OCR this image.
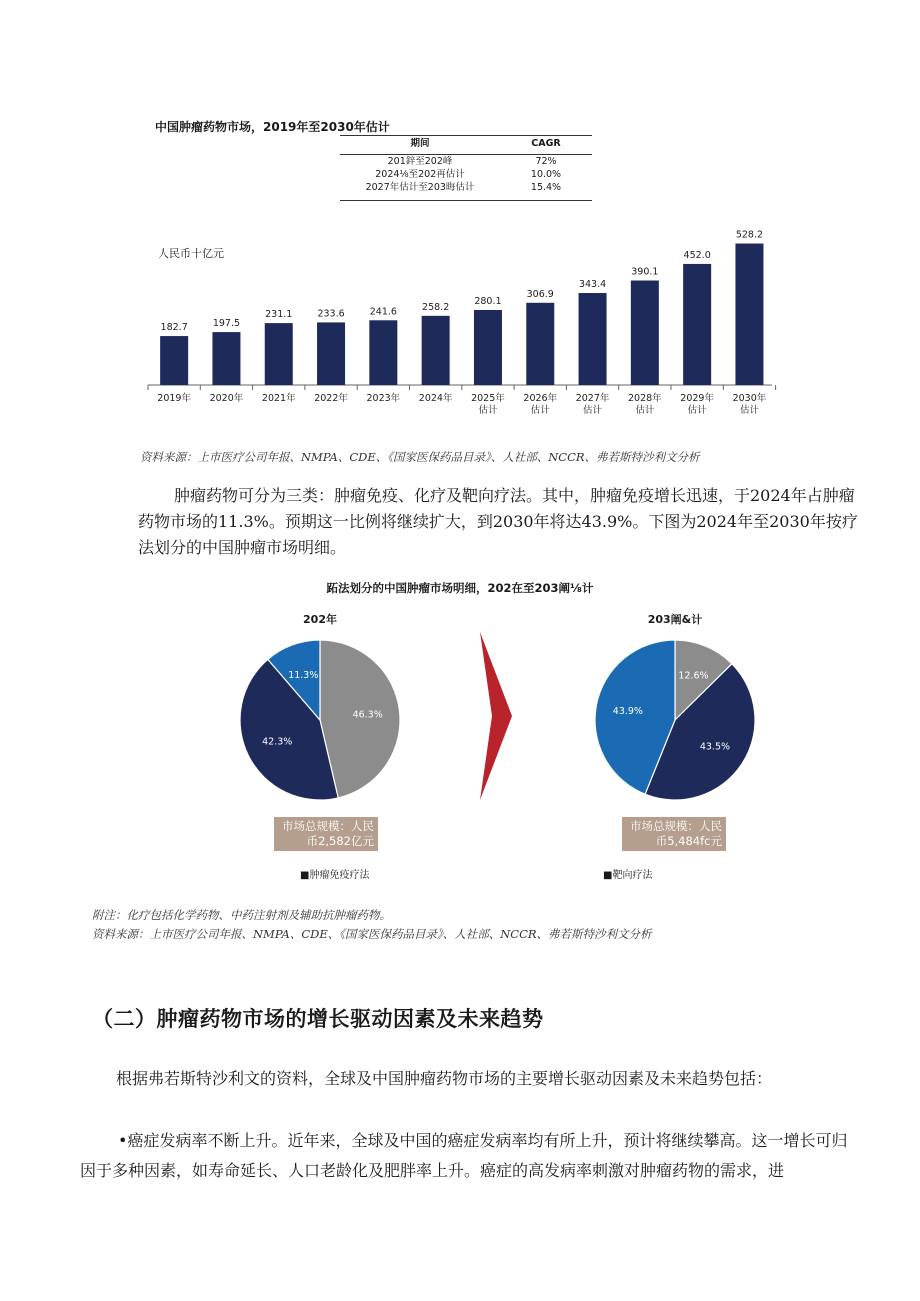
中国肿瘤药物市场，2019年至2030年估计
期间	CAGR
201鋅至202峰	72%
2024⅛至202再估计	10.0%
2027年估计至203晦估计	15.4%
人民币十亿元
182.7
2019年
197.5
2020年
231.1
2021年
233.6
2022年
241.6
2023年
258.2
2024年
280.1
2025年
估计
306.9
2026年
估计
343.4
2027年
估计
390.1
2028年
估计
452.0
2029年
估计
528.2
2030年
估计
资料来源：上市医疗公司年报、NMPA、CDE、《国家医保药品目录》、人社部、NCCR、弗若斯特沙利文分析
肿瘤药物可分为三类：肿瘤免疫、化疗及靶向疗法。其中，肿瘤免疫增长迅速，于2024年占肿瘤药物市场的11.3%。预期这一比例将继续扩大，到2030年将达43.9%。下图为2024年至2030年按疗法划分的中国肿瘤市场明细。
跖法划分的中国肿瘤市场明细，202在至203阐⅛计
202年	203阐&计
46.3%
42.3%
11.3%	12.6%
43.5%
43.9%
市场总规模：人民
币2,582亿元
市场总规模：人民
币5,484fc元
■肿瘤免疫疗法	■靶向疗法
附注：化疗包括化学药物、中药注射剂及辅助抗肿瘤药物。
资料来源：上市医疗公司年报、NMPA、CDE、《国家医保药品目录》、人社部、NCCR、弗若斯特沙利文分析
（二）肿瘤药物市场的增长驱动因素及未来趋势
根据弗若斯特沙利文的资料，全球及中国肿瘤药物市场的主要增长驱动因素及未来趋势包括：
•癌症发病率不断上升。近年来，全球及中国的癌症发病率均有所上升，预计将继续攀高。这一增长可归因于多种因素，如寿命延长、人口老龄化及肥胖率上升。癌症的高发病率刺激对肿瘤药物的需求，进
